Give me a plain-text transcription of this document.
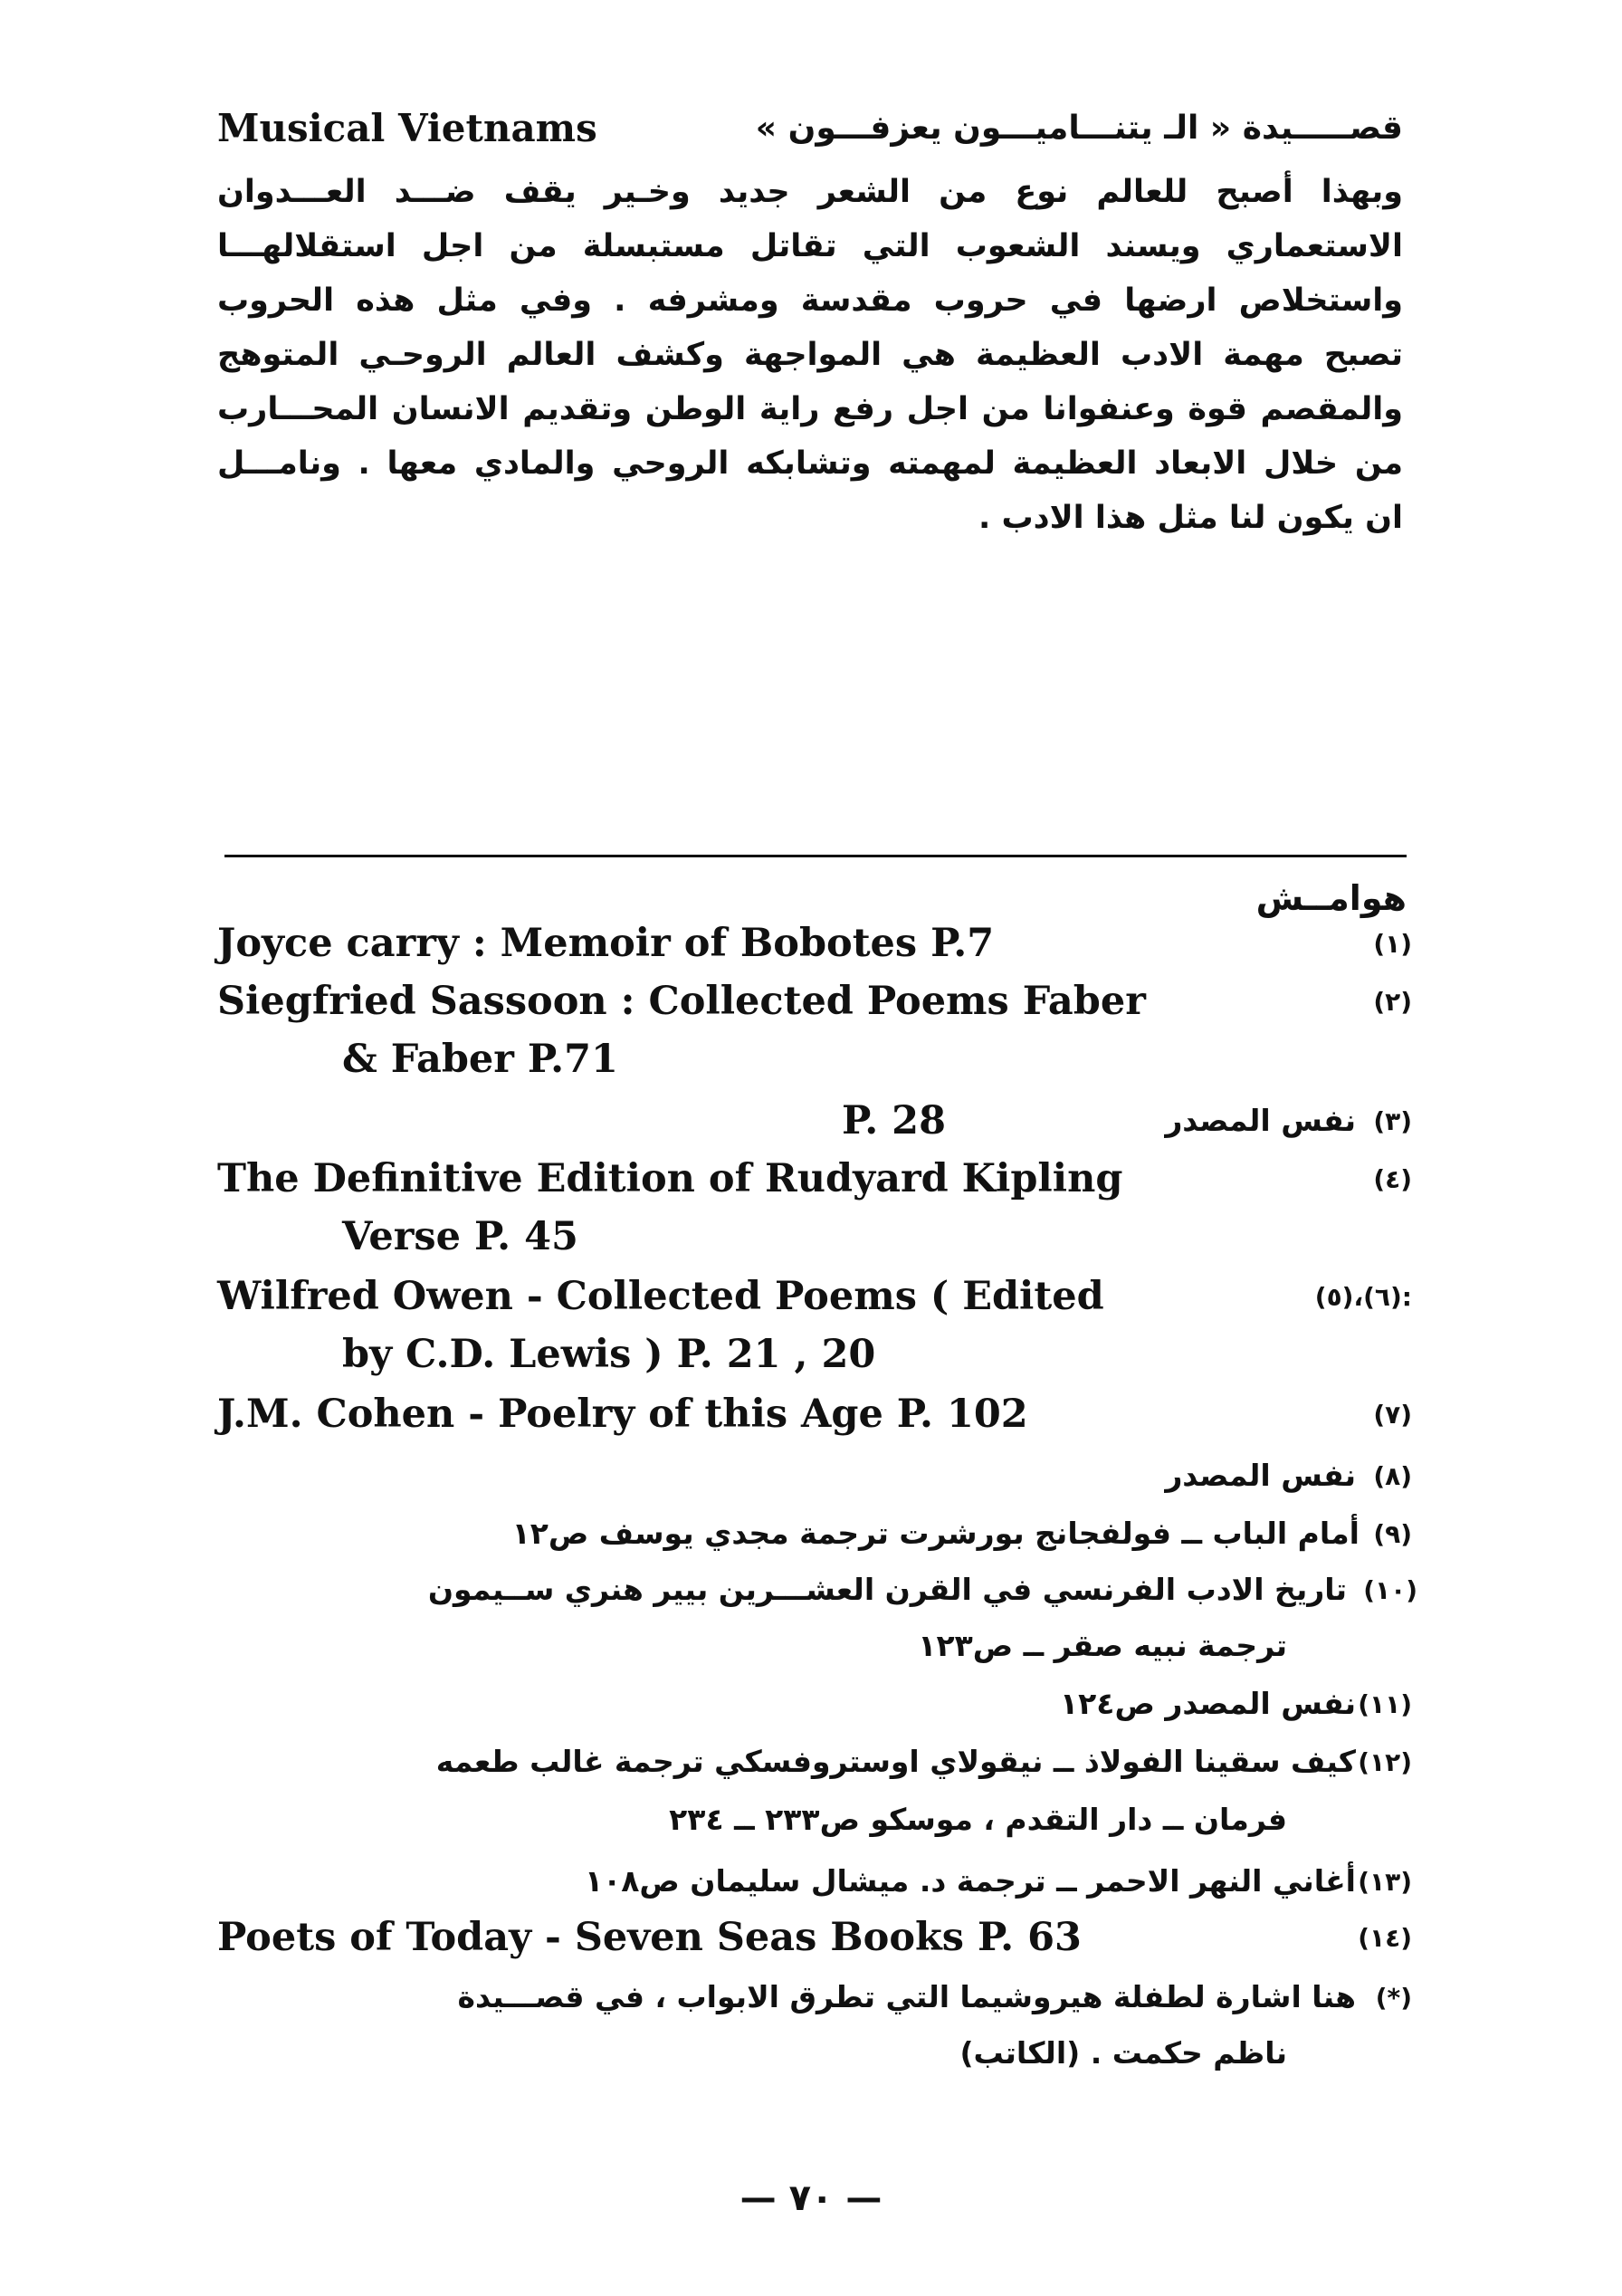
Musical Vietnams	قصـــــيدة « الـ يتنـــاميـــون يعزفـــون »
وبهذا أصبح للعالم نوع من الشعر جديد وخـير يقف ضـــد العـــدوان
الاستعماري ويسند الشعوب التي تقاتل مستبسلة من اجل استقلالهـــا
واستخلاص ارضها في حروب مقدسة ومشرفه . وفي مثل هذه الحروب
تصبح مهمة الادب العظيمة هي المواجهة وكشف العالم الروحـي المتوهج
والمقصم قوة وعنفوانا من اجل رفع راية الوطن وتقديم الانسان المحـــارب
من خلال الابعاد العظيمة لمهمته وتشابكه الروحي والمادي معها . ونامـــل
ان يكون لنا مثل هذا الادب .
هوامــش
(١)
Joyce carry : Memoir of Bobotes P.7
(٢)
Siegfried Sassoon : Collected Poems Faber
& Faber P.71
(٣)
نفس المصدر
P. 28
(٤)
The Definitive Edition of Rudyard Kipling
Verse P. 45
:(٦)،(٥)
Wilfred Owen - Collected Poems ( Edited
by C.D. Lewis ) P. 21 , 20
(٧)
J.M. Cohen - Poelry of this Age P. 102
(٨)
نفس المصدر
(٩)
أمام الباب ــ فولفجانج بورشرت ترجمة مجدي يوسف ص١٢
(١٠)
تاريخ الادب الفرنسي في القرن العشـــرين بيير هنري ســيمون
ترجمة نبيه صقر ــ ص١٢٣
(١١)
نفس المصدر ص١٢٤
(١٢)
كيف سقينا الفولاذ ــ نيقولاي اوستروفسكي ترجمة غالب طعمه
فرمان ــ دار التقدم ، موسكو ص٢٣٣ ــ ٢٣٤
(١٣)
أغاني النهر الاحمر ــ ترجمة د. ميشال سليمان ص١٠٨
(١٤)
Poets of Today - Seven Seas Books P. 63
(*)
هنا اشارة لطفلة هيروشيما التي تطرق الابواب ، في قصـــيدة
ناظم حكمت . (الكاتب)
— ٧٠ —
